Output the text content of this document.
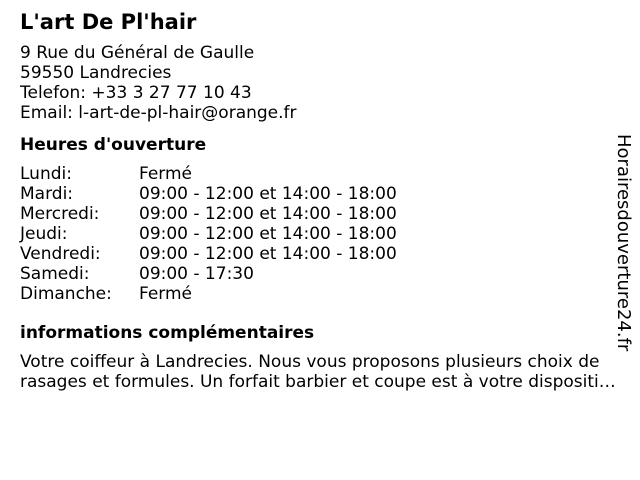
L'art De Pl'hair
9 Rue du Général de Gaulle
59550 Landrecies
Telefon: +33 3 27 77 10 43
Email: l-art-de-pl-hair@orange.fr
Heures d'ouverture
Lundi:	Fermé
Mardi:	09:00 - 12:00 et 14:00 - 18:00
Mercredi:	09:00 - 12:00 et 14:00 - 18:00
Jeudi:	09:00 - 12:00 et 14:00 - 18:00
Vendredi:	09:00 - 12:00 et 14:00 - 18:00
Samedi:	09:00 - 17:30
Dimanche:	Fermé
informations complémentaires
Votre coiffeur à Landrecies. Nous vous proposons plusieurs choix de
rasages et formules. Un forfait barbier et coupe est à votre dispositi…
Horairesdouverture24.fr
